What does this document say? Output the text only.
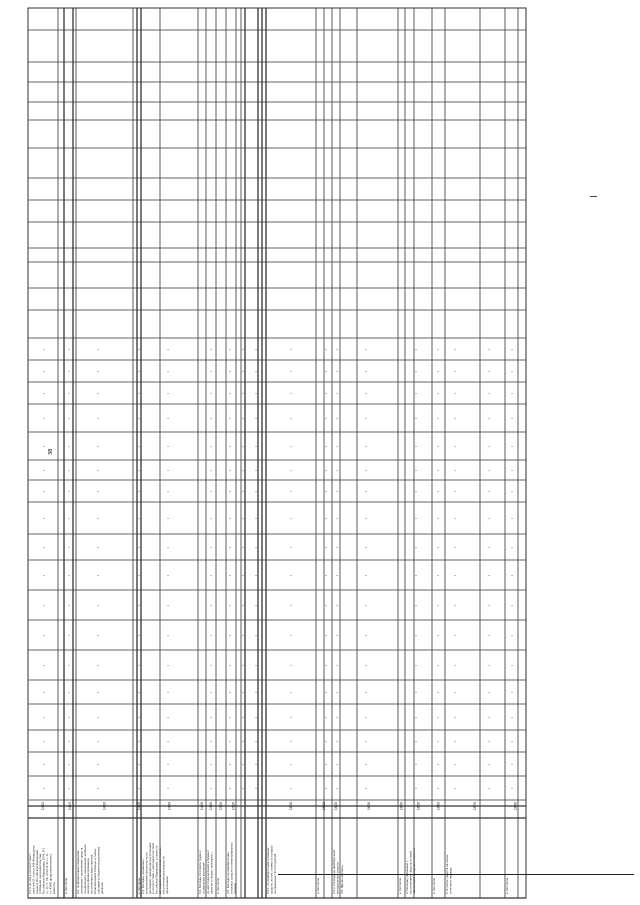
38
1402
3.1.3. из них в соответствии с пунктом 11 статьи 166 Жилищного кодекса Российской Федерации (Собрание законодательства Российской Федерации, 2005, N 1 (ч. 1), ст. 14; 2014, N 30 (ч. 1), ст. 4264) фонд капитального ремонта
1403
в том числе
1410
3.2. по финансовым операциям, связанным с получением средств специального назначения, включая целевое финансирование, поступления в виде грантов, безвозмездной помощи, а также субсидий из бюджетов различных уровней
1420
в том числе
1430
3.3. Расходы, связанные с исполнением обязательств по договорам, требующим регистрации, в соответствии с законодательством Российской Федерации, а также по договорам, заключенным в целях обеспечения деятельности организации
1440
3.4. Расходы по оплате труда и социальным выплатам
1450
из них: перечисления в бюджет налогов и сборов, связанных с
1500
в том числе
1520
3.5. Расходы на приобретение основных средств и нематериальных активов
1600
3.5.1. по приобретению основных средств, из них стоимость которых не превышает 40 000 рублей
1610
в том числе
1620
3.5.2. Расходы на приобретение материальных запасов
1630
3.6. Прочие выплаты
1640
в том числе
1650
4. Расходы, связанные с поступлением средств от иной приносящей доход деятельности
1660
в том числе
1670
5. Остаток средств на конец отчетного периода
1680
в том числе
-
-
-
-
-
-
-
-
-
-
-
-
-
-
-
-
-
-
-
-
-
-
-
-
-
-
-
-
-
-
-
-
-
-
-
-
-
-
-
-
-
-
-
-
-
-
-
-
-
-
-
-
-
-
-
-
-
-
-
-
-
-
-
-
-
-
-
-
-
-
-
-
-
-
-
-
-
-
-
-
-
-
-
-
-
-
-
-
-
-
-
-
-
-
-
-
-
-
-
-
-
-
-
-
-
-
-
-
-
-
-
-
-
-
-
-
-
-
-
-
-
-
-
-
-
-
-
-
-
-
-
-
-
-
-
-
-
-
-
-
-
-
-
-
-
-
-
-
-
-
-
-
-
-
-
-
-
-
-
-
-
-
-
-
-
-
-
-
-
-
-
-
-
-
-
-
-
-
-
-
-
-
-
-
-
-
-
-
-
-
-
-
-
-
-
-
-
-
-
-
-
-
-
-
-
-
-
-
-
-
-
-
-
-
-
-
-
-
-
-
-
-
-
-
-
-
-
-
-
-
-
-
-
-
-
-
-
-
-
-
-
-
-
-
-
-
-
-
-
-
-
-
-
-
-
-
-
-
-
-
-
-
-
-
-
-
-
-
-
-
-
-
-
-
-
-
-
-
-
-
-
-
-
-
-
-
-
-
-
-
-
-
-
-
-
-
-
-
-
-
-
-
-
-
-
-
-
-
-
-
-
-
-
-
-
-
-
-
-
-
-
-
-
-
